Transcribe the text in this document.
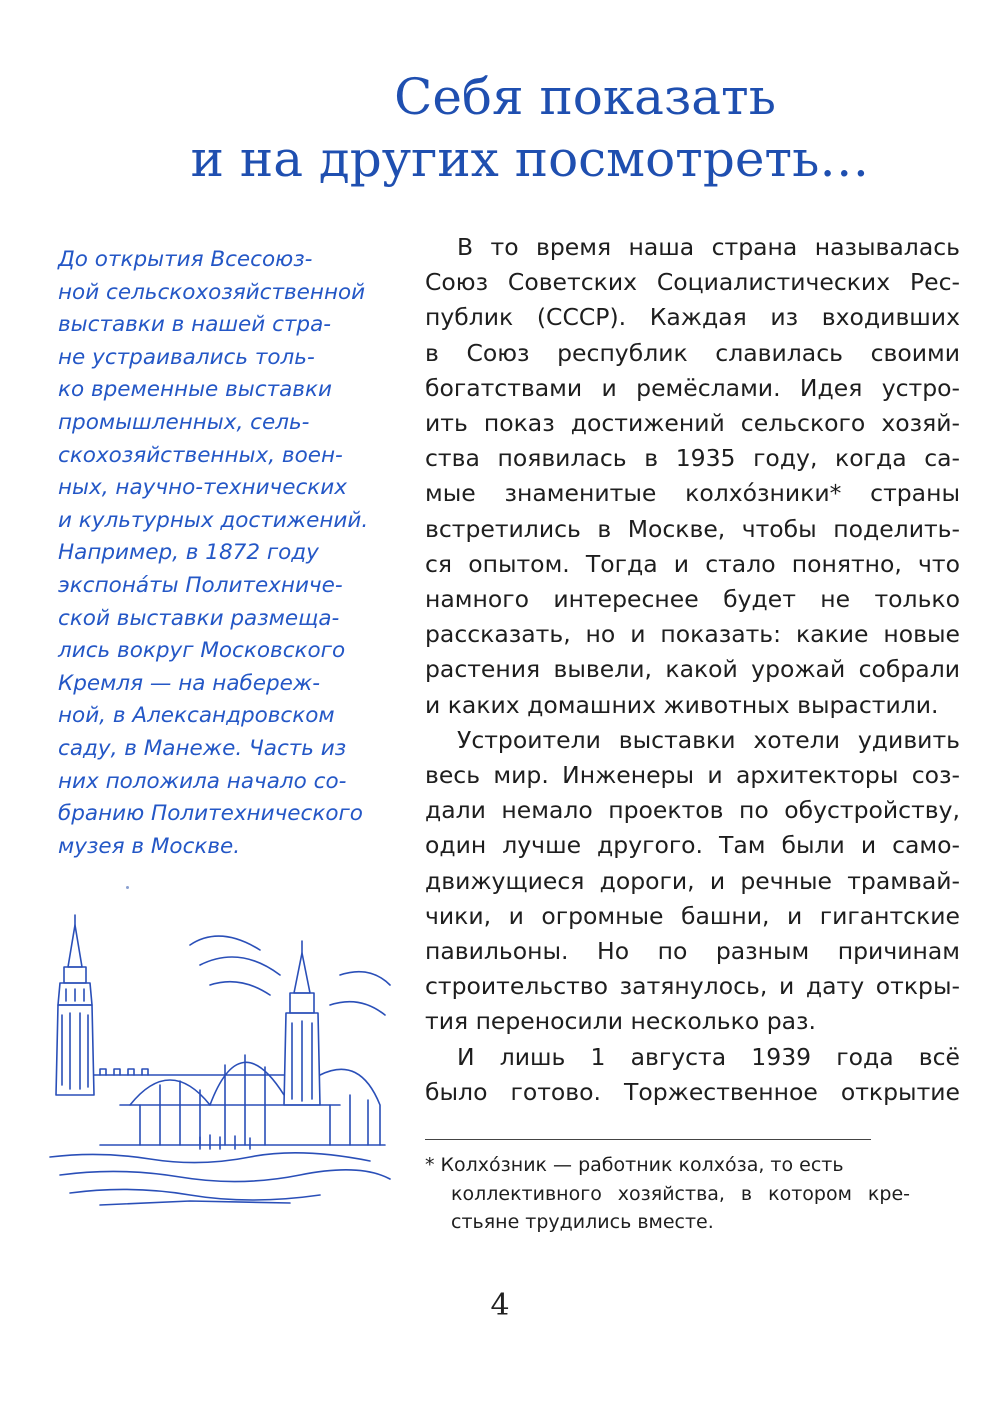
Себя показать
и на других посмотреть…
До открытия Всесоюз-
ной сельскохозяйственной
выставки в нашей стра-
не устраивались толь-
ко временные выставки
промышленных, сель-
скохозяйственных, воен-
ных, научно-технических
и культурных достижений.
Например, в 1872 году
экспона́ты Политехниче-
ской выставки размеща-
лись вокруг Московского
Кремля — на набереж-
ной, в Александровском
саду, в Манеже. Часть из
них положила начало со-
бранию Политехнического
музея в Москве.
В то время наша страна называлась
Союз Советских Социалистических Рес-
публик (СССР). Каждая из входивших
в Союз республик славилась своими
богатствами и ремёслами. Идея устро-
ить показ достижений сельского хозяй-
ства появилась в 1935 году, когда са-
мые знаменитые колхо́зники* страны
встретились в Москве, чтобы поделить-
ся опытом. Тогда и стало понятно, что
намного интереснее будет не только
рассказать, но и показать: какие новые
растения вывели, какой урожай собрали
и каких домашних животных вырастили.
Устроители выставки хотели удивить
весь мир. Инженеры и архитекторы соз-
дали немало проектов по обустройству,
один лучше другого. Там были и само-
движущиеся дороги, и речные трамвай-
чики, и огромные башни, и гигантские
павильоны. Но по разным причинам
строительство затянулось, и дату откры-
тия переносили несколько раз.
И лишь 1 августа 1939 года всё
было готово. Торжественное открытие
* Колхо́зник — работник колхо́за, то есть
коллективного хозяйства, в котором кре-
стьяне трудились вместе.
4
